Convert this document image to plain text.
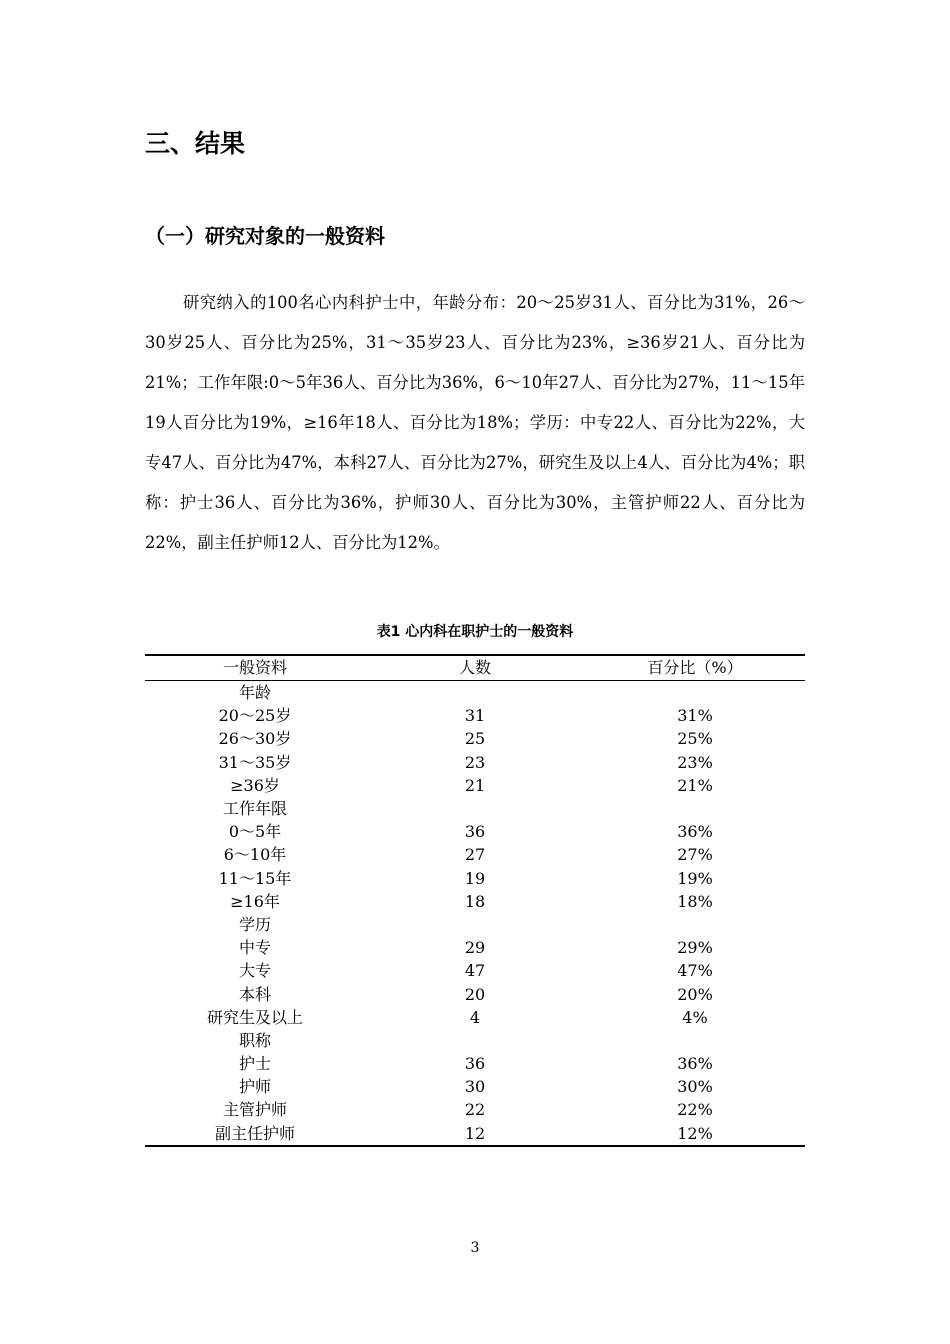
三、结果
（一）研究对象的一般资料

研究纳入的100名心内科护士中，年龄分布：20～25岁31人、百分比为31%，26～30岁25人、百分比为25%，31～35岁23人、百分比为23%，≥36岁21人、百分比为21%；工作年限:0～5年36人、百分比为36%，6～10年27人、百分比为27%，11～15年19人百分比为19%，≥16年18人、百分比为18%；学历：中专22人、百分比为22%，大专47人、百分比为47%，本科27人、百分比为27%，研究生及以上4人、百分比为4%；职称：护士36人、百分比为36%，护师30人、百分比为30%，主管护师22人、百分比为22%，副主任护师12人、百分比为12%。

表1 心内科在职护士的一般资料
一般资料	人数	百分比（%）
年龄		
20～25岁	31	31%
26～30岁	25	25%
31～35岁	23	23%
≥36岁	21	21%
工作年限		
0～5年	36	36%
6～10年	27	27%
11～15年	19	19%
≥16年	18	18%
学历		
中专	29	29%
大专	47	47%
本科	20	20%
研究生及以上	4	4%
职称		
护士	36	36%
护师	30	30%
主管护师	22	22%
副主任护师	12	12%
3
